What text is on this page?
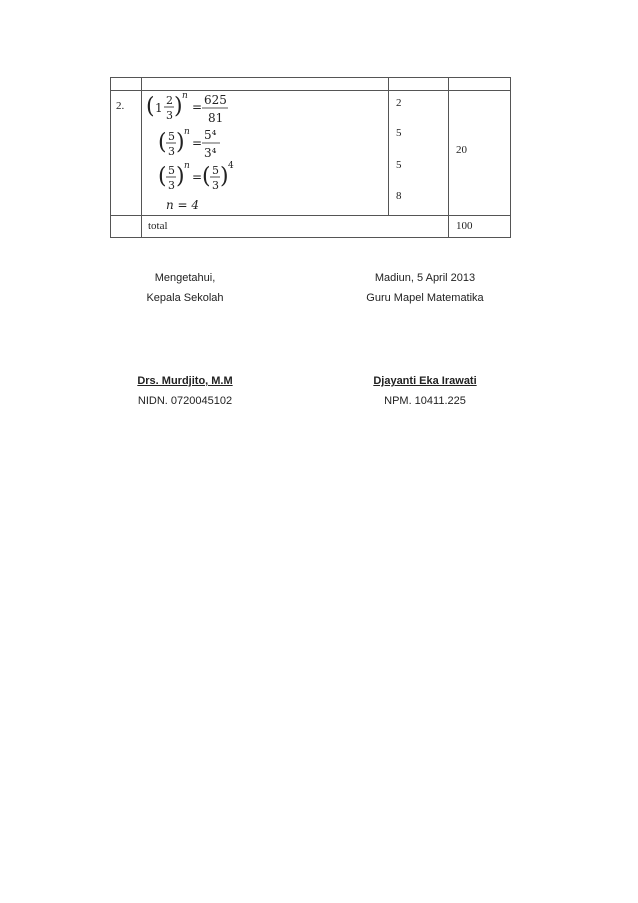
2. ( 1
2
3 ) n
= 625
81
( 5
3 ) n
=
5⁴
3⁴
( 5
3 ) n
= ( 5
3 ) 4
n = 4
2
5
5
8
20
total	100
Mengetahui,
Kepala Sekolah
Drs. Murdjito, M.M
NIDN. 0720045102
Madiun, 5 April 2013
Guru Mapel Matematika
Djayanti Eka Irawati
NPM. 10411.225
